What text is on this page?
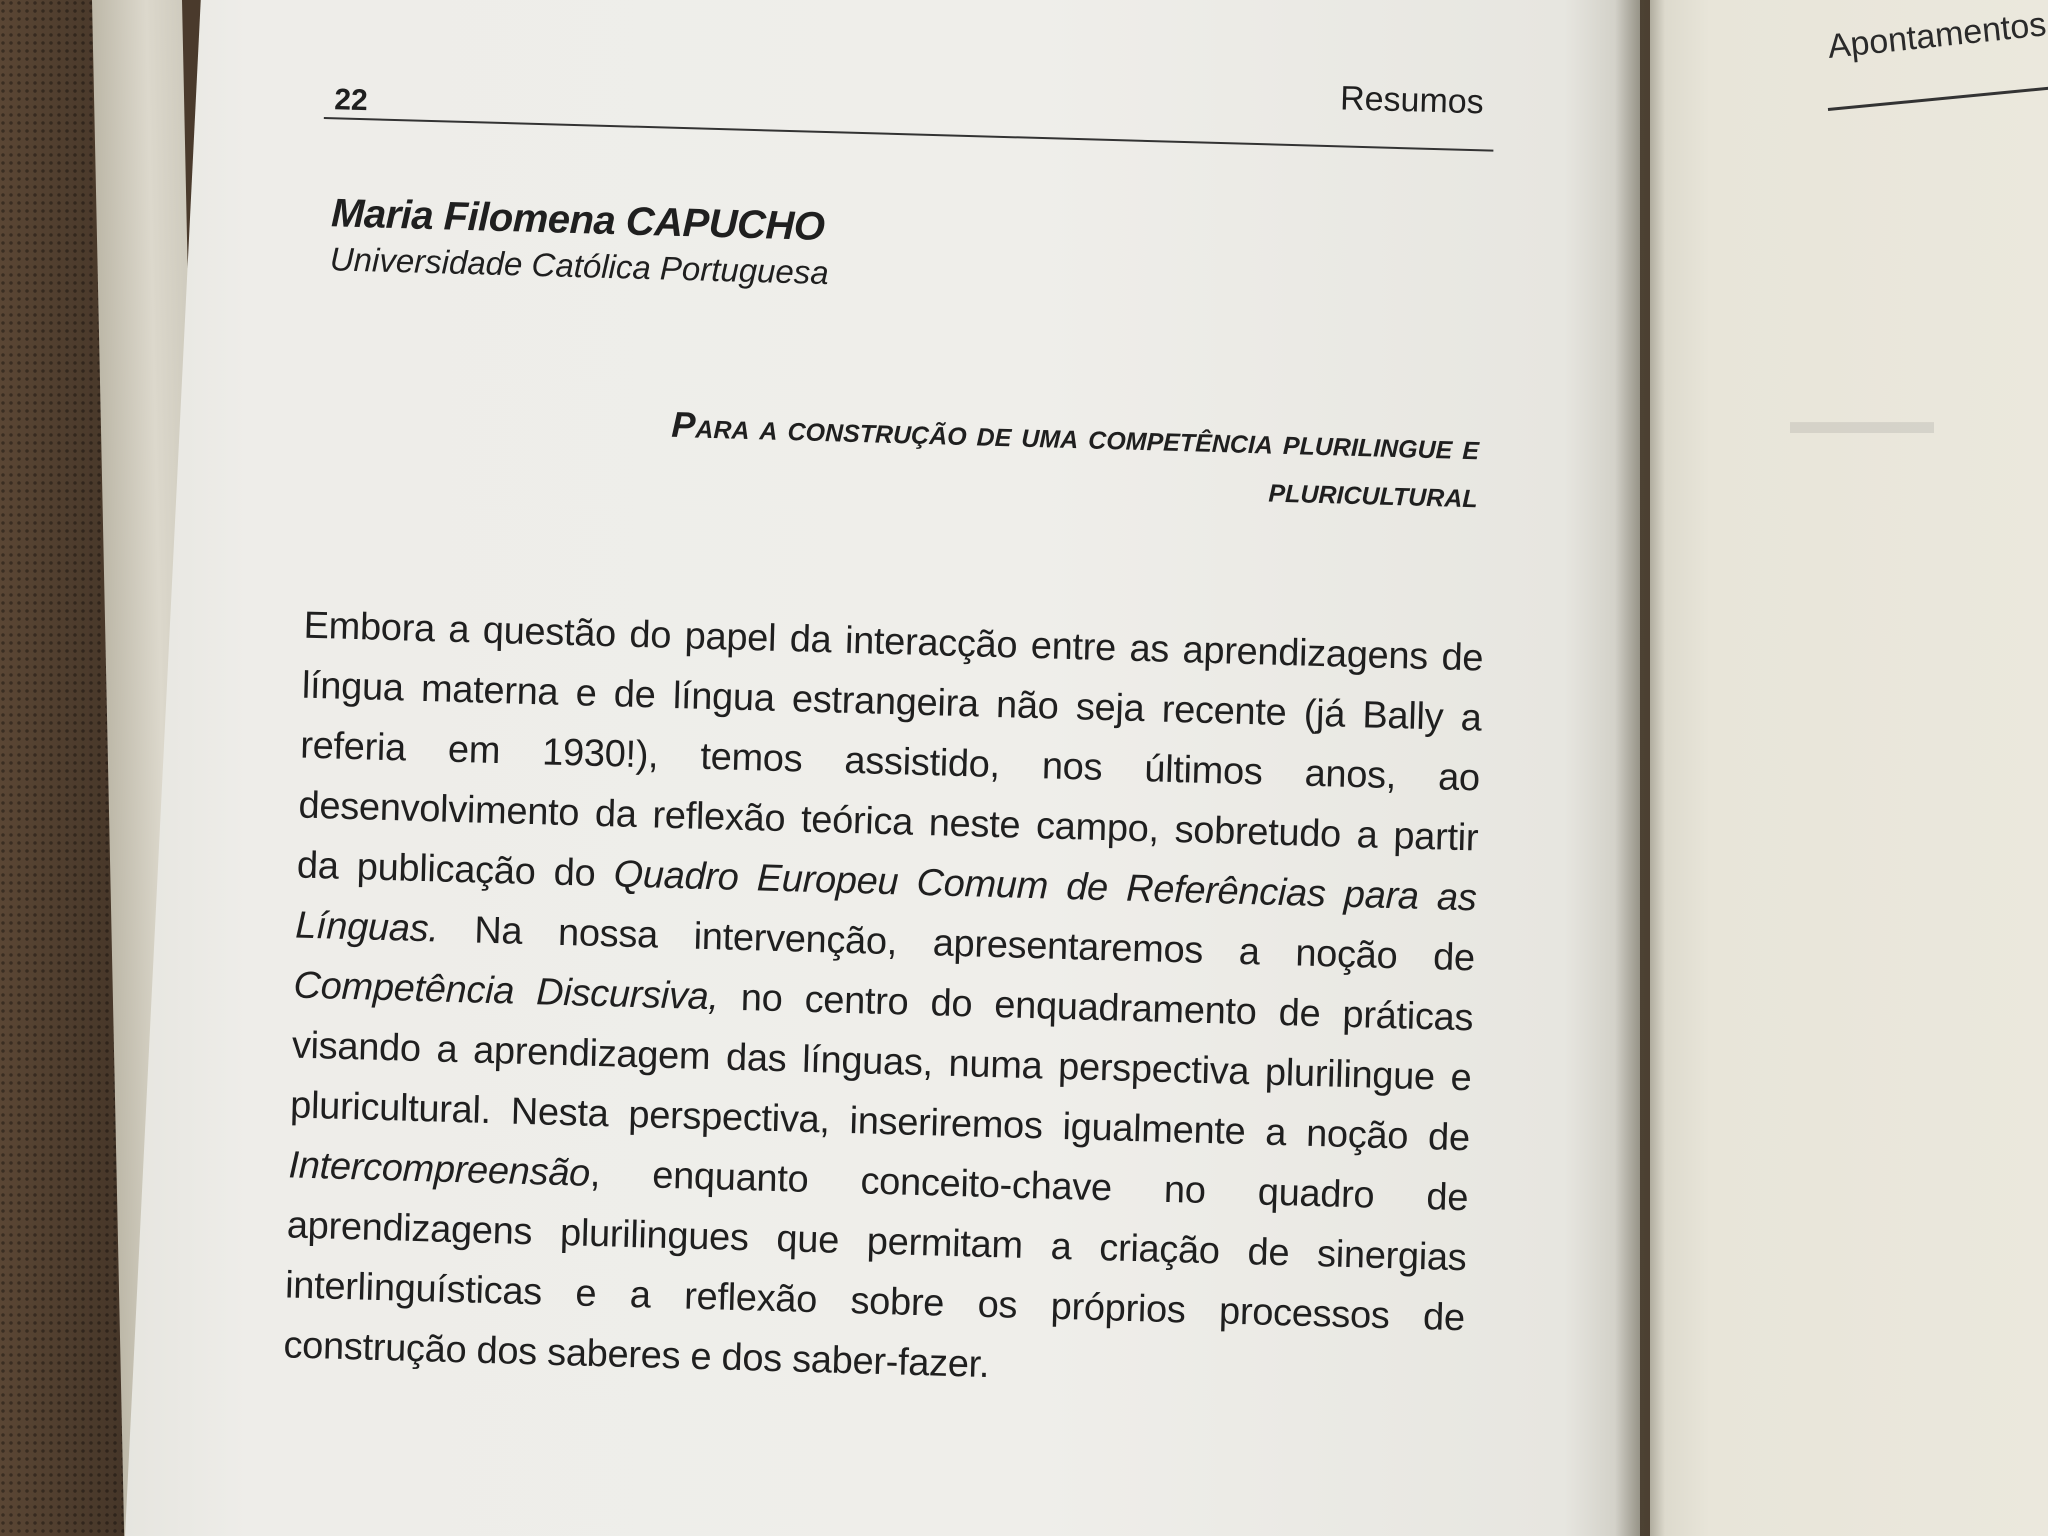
▬▬▬▬
Apontamentos

22	Resumos

Maria Filomena CAPUCHO

Universidade Católica Portuguesa

Para a construção de uma competência plurilingue e
pluricultural

Embora a questão do papel da interacção entre as aprendizagens de língua materna e de língua estrangeira não seja recente (já Bally a referia em 1930!), temos assistido, nos últimos anos, ao desenvolvimento da reflexão teórica neste campo, sobretudo a partir da publicação do Quadro Europeu Comum de Referências para as Línguas. Na nossa intervenção, apresentaremos a noção de Competência Discursiva, no centro do enquadramento de práticas visando a aprendizagem das línguas, numa perspectiva plurilingue e pluricultural. Nesta perspectiva, inseriremos igualmente a noção de Intercompreensão, enquanto conceito-chave no quadro de aprendizagens plurilingues que permitam a criação de sinergias interlinguísticas e a reflexão sobre os próprios processos de construção dos saberes e dos saber-fazer.
